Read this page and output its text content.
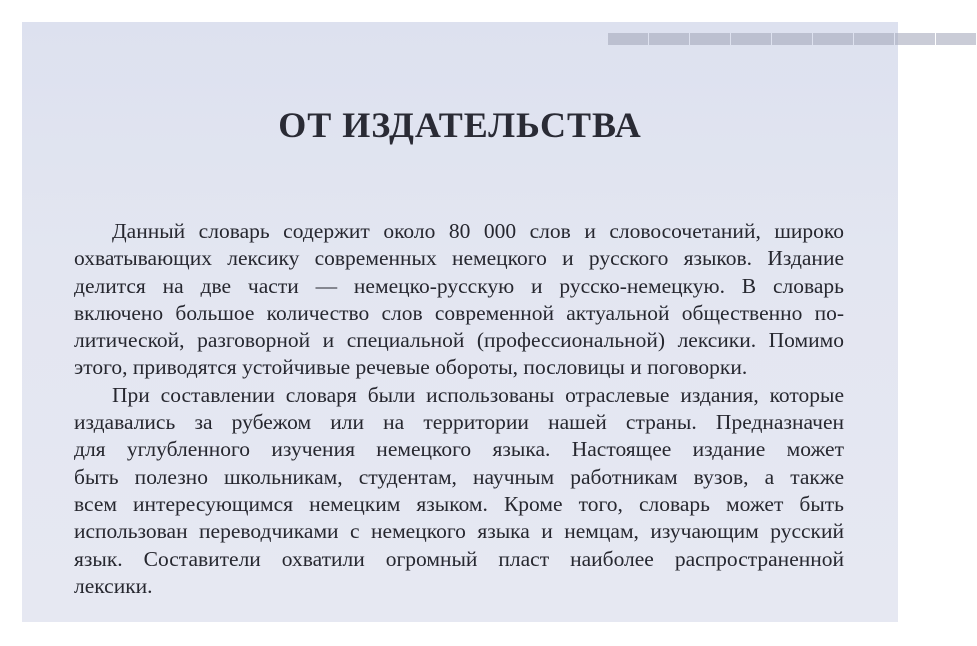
▬▬▬▬▬▬▬▬▬
ОТ ИЗДАТЕЛЬСТВА

Данный словарь содержит около 80 000 слов и словосочетаний, широко
охватывающих лексику современных немецкого и русского языков. Издание
делится на две части — немецко-русскую и русско-немецкую. В словарь
включено большое количество слов современной актуальной общественно по-
литической, разговорной и специальной (профессиональной) лексики. Помимо
этого, приводятся устойчивые речевые обороты, пословицы и поговорки.

При составлении словаря были использованы отраслевые издания, которые
издавались за рубежом или на территории нашей страны. Предназначен
для углубленного изучения немецкого языка. Настоящее издание может
быть полезно школьникам, студентам, научным работникам вузов, а также
всем интересующимся немецким языком. Кроме того, словарь может быть
использован переводчиками с немецкого языка и немцам, изучающим русский
язык. Составители охватили огромный пласт наиболее распространенной
лексики.
